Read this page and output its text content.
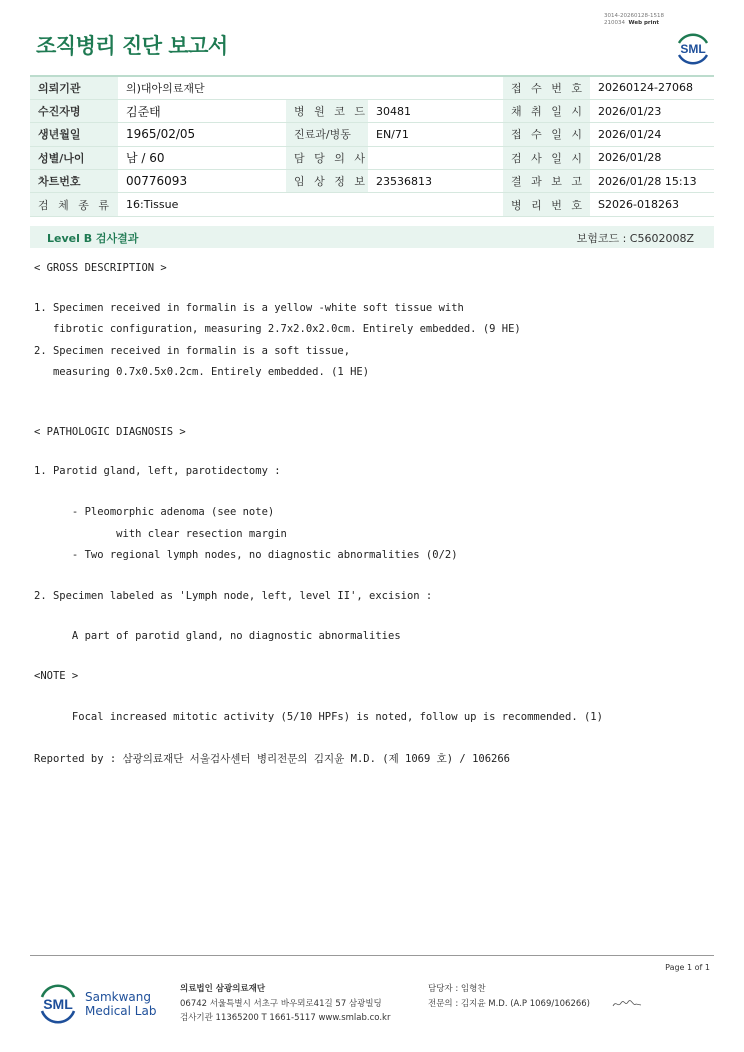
3014-20260128-1518
210034 Web print
조직병리 진단 보고서	SML
의뢰기관	의)대아의료재단			접 수 번 호	20260124-27068
수진자명	김준태	병 원 코 드	30481	채 취 일 시	2026/01/23
생년월일	1965/02/05	진료과/병동	EN/71	접 수 일 시	2026/01/24
성별/나이	남 / 60	담 당 의 사		검 사 일 시	2026/01/28
차트번호	00776093	임 상 정 보	23536813	결 과 보 고	2026/01/28 15:13
검 체 종 류	16:Tissue			병 리 번 호	S2026-018263
Level B 검사결과	보험코드 : C5602008Z
< GROSS DESCRIPTION >
1. Specimen received in formalin is a yellow -white soft tissue with
fibrotic configuration, measuring 2.7x2.0x2.0cm. Entirely embedded. (9 HE)
2. Specimen received in formalin is a soft tissue,
measuring 0.7x0.5x0.2cm. Entirely embedded. (1 HE)
< PATHOLOGIC DIAGNOSIS >
1. Parotid gland, left, parotidectomy :
- Pleomorphic adenoma (see note)
with clear resection margin
- Two regional lymph nodes, no diagnostic abnormalities (0/2)
2. Specimen labeled as 'Lymph node, left, level II', excision :
A part of parotid gland, no diagnostic abnormalities
<NOTE >
Focal increased mitotic activity (5/10 HPFs) is noted, follow up is recommended. (1)
Reported by : 삼광의료재단 서울검사센터 병리전문의 김지윤 M.D. (제 1069 호) / 106266
Page 1 of 1
SML Samkwang
Medical Lab
의료법인 삼광의료재단
06742 서울특별시 서초구 바우뫼로41길 57 삼광빌딩
검사기관 11365200 T 1661-5117 www.smlab.co.kr
담당자 : 임형찬
전문의 : 김지윤 M.D. (A.P 1069/106266)
